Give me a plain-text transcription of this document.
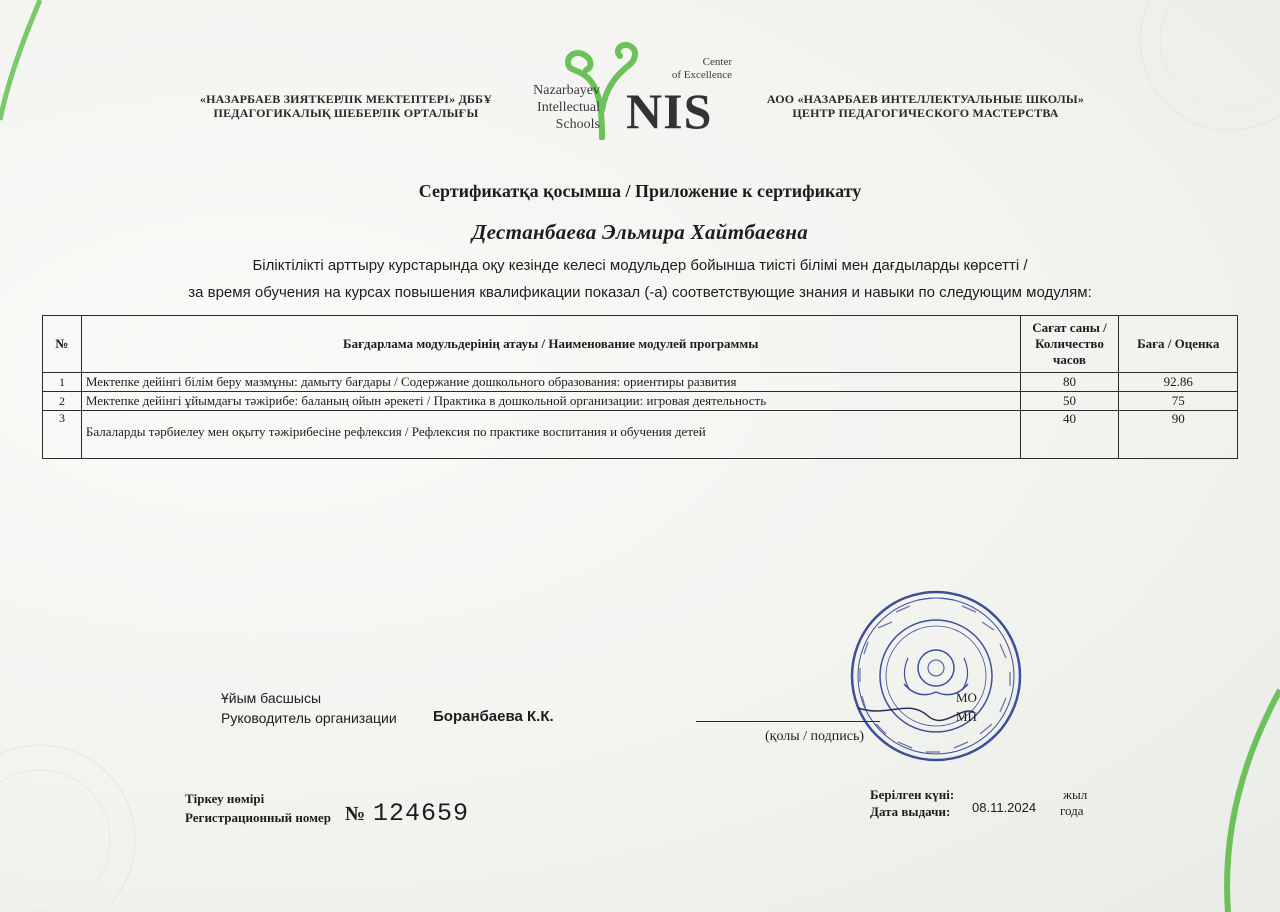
«НАЗАРБАЕВ ЗИЯТКЕРЛІК МЕКТЕПТЕРІ» ДББҰ
ПЕДАГОГИКАЛЫҚ ШЕБЕРЛІК ОРТАЛЫҒЫ
Nazarbayev
Intellectual
Schools
Center
of Excellence
NIS	АОО «НАЗАРБАЕВ ИНТЕЛЛЕКТУАЛЬНЫЕ ШКОЛЫ»
ЦЕНТР ПЕДАГОГИЧЕСКОГО МАСТЕРСТВА
Сертификатқа қосымша / Приложение к сертификату
Дестанбаева Эльмира Хайтбаевна
Біліктілікті арттыру курстарында оқу кезінде келесі модульдер бойынша тиісті білімі мен дағдыларды көрсетті /
за время обучения на курсах повышения квалификации показал (-а) соответствующие знания и навыки по следующим модулям:
№	Бағдарлама модульдерінің атауы / Наименование модулей программы	Сағат саны /
Количество
часов	Баға / Оценка
1	Мектепке дейінгі білім беру мазмұны: дамыту бағдары / Содержание дошкольного образования: ориентиры развития	80	92.86
2	Мектепке дейінгі ұйымдағы тәжірибе: баланың ойын әрекеті / Практика в дошкольной организации: игровая деятельность	50	75
3	Балаларды тәрбиелеу мен оқыту тәжірибесіне рефлексия / Рефлексия по практике воспитания и обучения детей	40	90
Ұйым басшысы
Руководитель организации Боранбаева К.К.
(қолы / подпись)
МО
МП
Тіркеу нөмірі
Регистрационный номер № 124659
Берілген күні:
Дата выдачи: 08.11.2024
жыл
года
